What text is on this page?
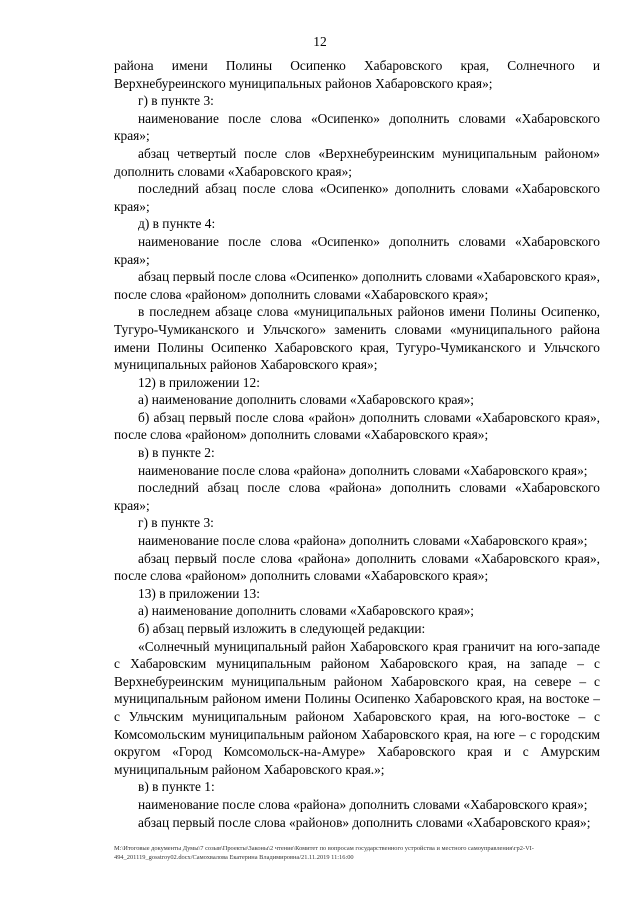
12

района имени Полины Осипенко Хабаровского края, Солнечного и Верхнебуреинского муниципальных районов Хабаровского края»;

г) в пункте 3:

наименование после слова «Осипенко» дополнить словами «Хабаровского края»;

абзац четвертый после слов «Верхнебуреинским муниципальным районом» дополнить словами «Хабаровского края»;

последний абзац после слова «Осипенко» дополнить словами «Хабаровского края»;

д) в пункте 4:

наименование после слова «Осипенко» дополнить словами «Хабаровского края»;

абзац первый после слова «Осипенко» дополнить словами «Хабаровского края», после слова «районом» дополнить словами «Хабаровского края»;

в последнем абзаце слова «муниципальных районов имени Полины Осипенко, Тугуро-Чумиканского и Ульчского» заменить словами «муниципального района имени Полины Осипенко Хабаровского края, Тугуро-Чумиканского и Ульчского муниципальных районов Хабаровского края»;

12) в приложении 12:

а) наименование дополнить словами «Хабаровского края»;

б) абзац первый после слова «район» дополнить словами «Хабаровского края», после слова «районом» дополнить словами «Хабаровского края»;

в) в пункте 2:

наименование после слова «района» дополнить словами «Хабаровского края»;

последний абзац после слова «района» дополнить словами «Хабаровского края»;

г) в пункте 3:

наименование после слова «района» дополнить словами «Хабаровского края»;

абзац первый после слова «района» дополнить словами «Хабаровского края», после слова «районом» дополнить словами «Хабаровского края»;

13) в приложении 13:

а) наименование дополнить словами «Хабаровского края»;

б) абзац первый изложить в следующей редакции:

«Солнечный муниципальный район Хабаровского края граничит на юго-западе с Хабаровским муниципальным районом Хабаровского края, на западе – с Верхнебуреинским муниципальным районом Хабаровского края, на севере – с муниципальным районом имени Полины Осипенко Хабаровского края, на востоке – с Ульчским муниципальным районом Хабаровского края, на юго-востоке – с Комсомольским муниципальным районом Хабаровского края, на юге – с городским округом «Город Комсомольск-на-Амуре» Хабаровского края и с Амурским муниципальным районом Хабаровского края.»;

в) в пункте 1:

наименование после слова «района» дополнить словами «Хабаровского края»;

абзац первый после слова «районов» дополнить словами «Хабаровского края»;

M:\Итоговые документы Думы\7 созыв\Проекты\Законы\2 чтение\Комитет по вопросам государственного устройства и местного самоуправления\гр2-VI-494_201119_gosstroy02.docx/Самохвалова Екатерина Владимировна/21.11.2019 11:16:00
